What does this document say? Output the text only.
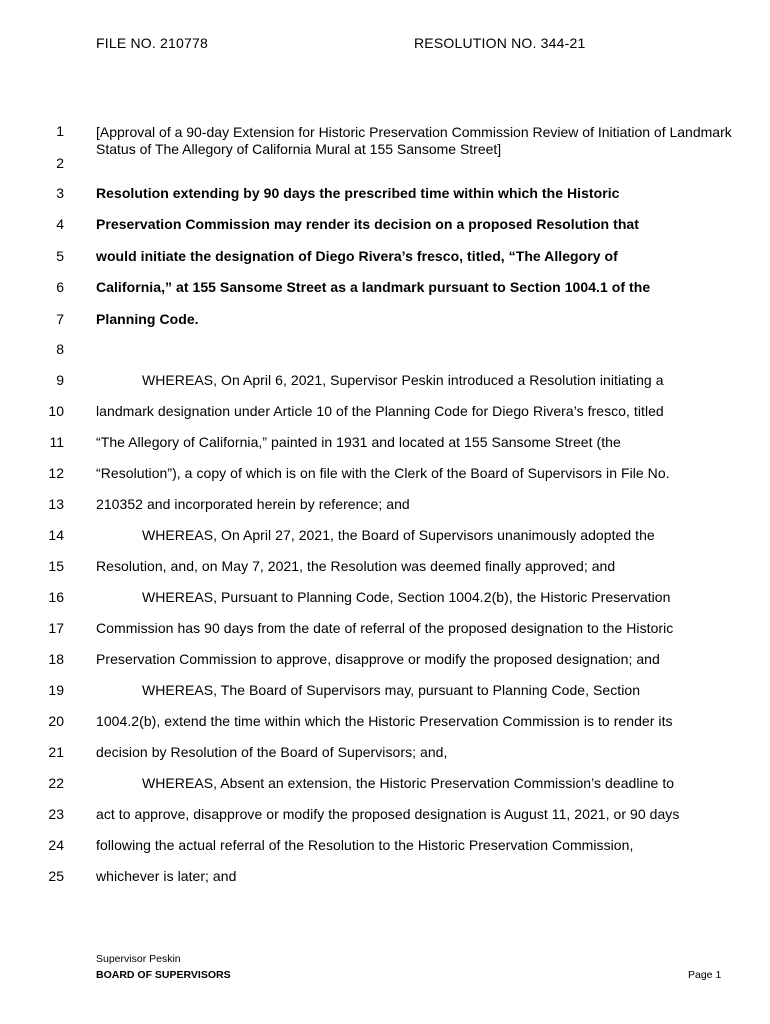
FILE NO. 210778	RESOLUTION NO. 344-21
1
2
3
4
5
6
7
8
9
10
11
12
13
14
15
16
17
18
19
20
21
22
23
24
25
[Approval of a 90-day Extension for Historic Preservation Commission Review of Initiation of Landmark Status of The Allegory of California Mural at 155 Sansome Street]
Resolution extending by 90 days the prescribed time within which the Historic
Preservation Commission may render its decision on a proposed Resolution that
would initiate the designation of Diego Rivera’s fresco, titled, “The Allegory of
California,” at 155 Sansome Street as a landmark pursuant to Section 1004.1 of the
Planning Code.
WHEREAS, On April 6, 2021, Supervisor Peskin introduced a Resolution initiating a
landmark designation under Article 10 of the Planning Code for Diego Rivera’s fresco, titled
“The Allegory of California,” painted in 1931 and located at 155 Sansome Street (the
“Resolution”), a copy of which is on file with the Clerk of the Board of Supervisors in File No.
210352 and incorporated herein by reference; and
WHEREAS, On April 27, 2021, the Board of Supervisors unanimously adopted the
Resolution, and, on May 7, 2021, the Resolution was deemed finally approved; and
WHEREAS, Pursuant to Planning Code, Section 1004.2(b), the Historic Preservation
Commission has 90 days from the date of referral of the proposed designation to the Historic
Preservation Commission to approve, disapprove or modify the proposed designation; and
WHEREAS, The Board of Supervisors may, pursuant to Planning Code, Section
1004.2(b), extend the time within which the Historic Preservation Commission is to render its
decision by Resolution of the Board of Supervisors; and,
WHEREAS, Absent an extension, the Historic Preservation Commission’s deadline to
act to approve, disapprove or modify the proposed designation is August 11, 2021, or 90 days
following the actual referral of the Resolution to the Historic Preservation Commission,
whichever is later; and
Supervisor Peskin
BOARD OF SUPERVISORS	Page 1
